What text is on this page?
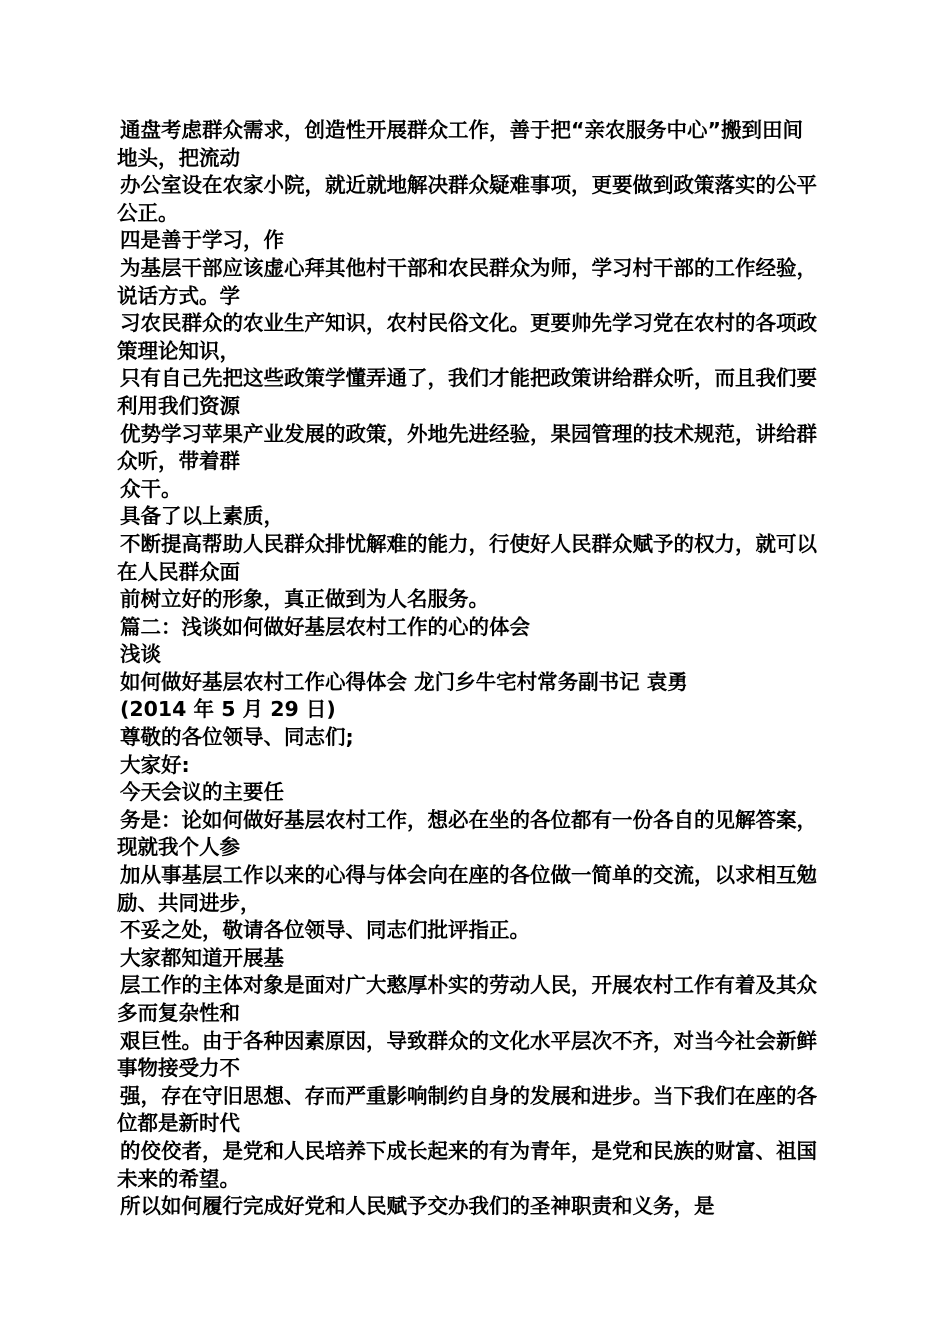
通盘考虑群众需求，创造性开展群众工作，善于把“亲农服务中心”搬到田间地头，把流动

办公室设在农家小院，就近就地解决群众疑难事项，更要做到政策落实的公平公正。

四是善于学习，作

为基层干部应该虚心拜其他村干部和农民群众为师，学习村干部的工作经验，说话方式。学

习农民群众的农业生产知识，农村民俗文化。更要帅先学习党在农村的各项政策理论知识，

只有自己先把这些政策学懂弄通了，我们才能把政策讲给群众听，而且我们要利用我们资源

优势学习苹果产业发展的政策，外地先进经验，果园管理的技术规范，讲给群众听，带着群

众干。

具备了以上素质，

不断提高帮助人民群众排忧解难的能力，行使好人民群众赋予的权力，就可以在人民群众面

前树立好的形象，真正做到为人名服务。

篇二：浅谈如何做好基层农村工作的心的体会

浅谈

如何做好基层农村工作心得体会 龙门乡牛宅村常务副书记 袁勇

(2014 年 5 月 29 日)

尊敬的各位领导、同志们;

大家好:

今天会议的主要任

务是：论如何做好基层农村工作，想必在坐的各位都有一份各自的见解答案，现就我个人参

加从事基层工作以来的心得与体会向在座的各位做一简单的交流，以求相互勉励、共同进步，

不妥之处，敬请各位领导、同志们批评指正。

大家都知道开展基

层工作的主体对象是面对广大憨厚朴实的劳动人民，开展农村工作有着及其众多而复杂性和

艰巨性。由于各种因素原因，导致群众的文化水平层次不齐，对当今社会新鲜事物接受力不

强，存在守旧思想、存而严重影响制约自身的发展和进步。当下我们在座的各位都是新时代

的佼佼者，是党和人民培养下成长起来的有为青年，是党和民族的财富、祖国未来的希望。

所以如何履行完成好党和人民赋予交办我们的圣神职责和义务，是
